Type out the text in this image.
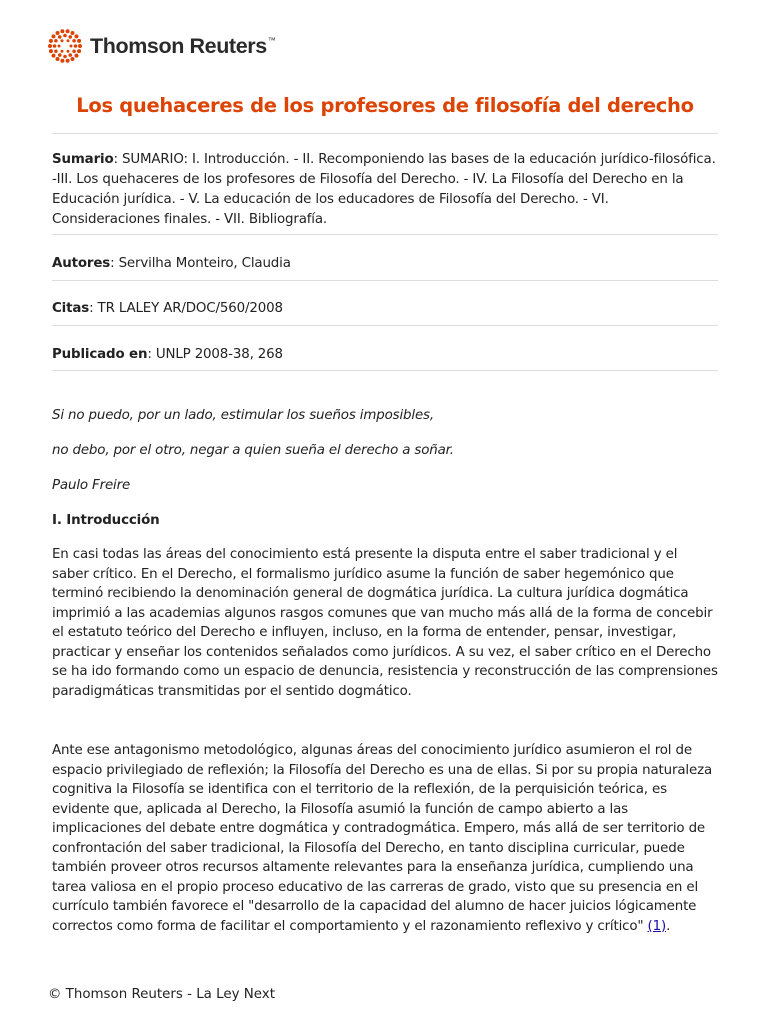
Thomson Reuters™
Los quehaceres de los profesores de filosofía del derecho

Sumario: SUMARIO: I. Introducción. - II. Recomponiendo las bases de la educación jurídico-filosófica. -III. Los quehaceres de los profesores de Filosofía del Derecho. - IV. La Filosofía del Derecho en la Educación jurídica. - V. La educación de los educadores de Filosofía del Derecho. - VI. Consideraciones finales. - VII. Bibliografía.

Autores: Servilha Monteiro, Claudia

Citas: TR LALEY AR/DOC/560/2008

Publicado en: UNLP 2008-38, 268

Si no puedo, por un lado, estimular los sueños imposibles,

no debo, por el otro, negar a quien sueña el derecho a soñar.

Paulo Freire

I. Introducción

En casi todas las áreas del conocimiento está presente la disputa entre el saber tradicional y el saber crítico. En el Derecho, el formalismo jurídico asume la función de saber hegemónico que terminó recibiendo la denominación general de dogmática jurídica. La cultura jurídica dogmática imprimió a las academias algunos rasgos comunes que van mucho más allá de la forma de concebir el estatuto teórico del Derecho e influyen, incluso, en la forma de entender, pensar, investigar, practicar y enseñar los contenidos señalados como jurídicos. A su vez, el saber crítico en el Derecho se ha ido formando como un espacio de denuncia, resistencia y reconstrucción de las comprensiones paradigmáticas transmitidas por el sentido dogmático.

Ante ese antagonismo metodológico, algunas áreas del conocimiento jurídico asumieron el rol de espacio privilegiado de reflexión; la Filosofía del Derecho es una de ellas. Si por su propia naturaleza cognitiva la Filosofía se identifica con el territorio de la reflexión, de la perquisición teórica, es evidente que, aplicada al Derecho, la Filosofía asumió la función de campo abierto a las implicaciones del debate entre dogmática y contradogmática. Empero, más allá de ser territorio de confrontación del saber tradicional, la Filosofía del Derecho, en tanto disciplina curricular, puede también proveer otros recursos altamente relevantes para la enseñanza jurídica, cumpliendo una tarea valiosa en el propio proceso educativo de las carreras de grado, visto que su presencia en el currículo también favorece el "desarrollo de la capacidad del alumno de hacer juicios lógicamente correctos como forma de facilitar el comportamiento y el razonamiento reflexivo y crítico" (1).

© Thomson Reuters - La Ley Next
